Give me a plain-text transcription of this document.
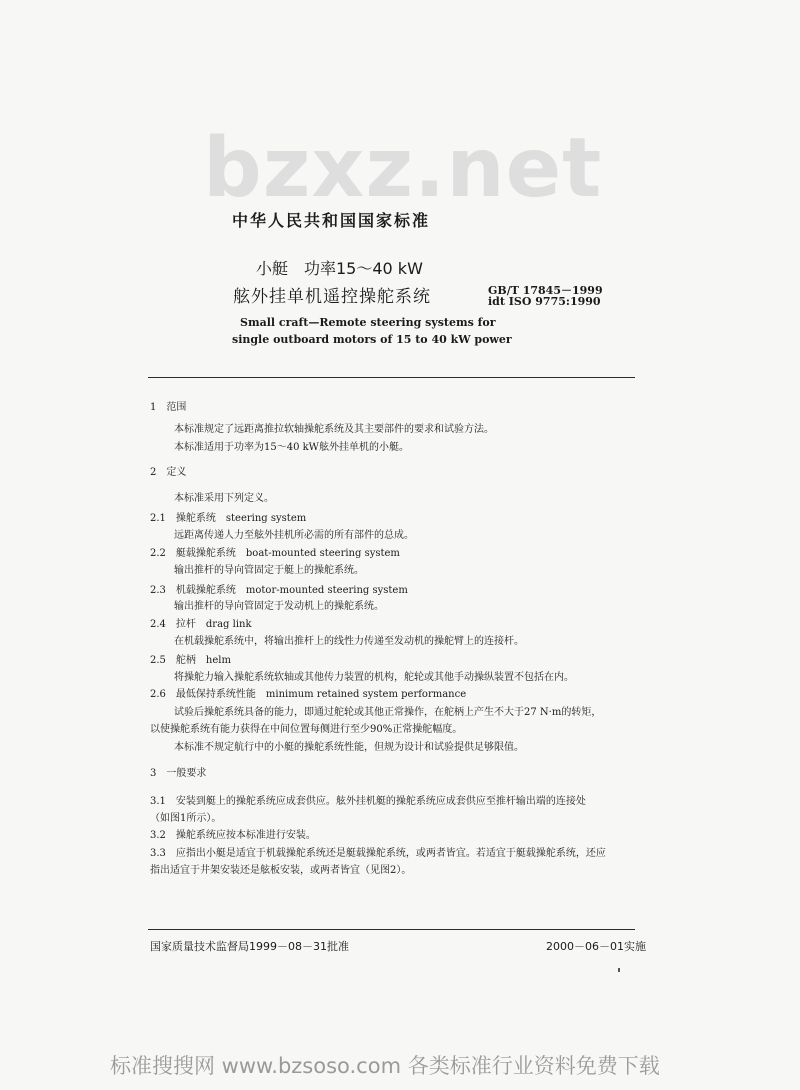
bzxz.net
中华人民共和国国家标准
小艇　功率15～40 kW
舷外挂单机遥控操舵系统	GB/T 17845－1999
idt ISO 9775:1990
Small craft—Remote steering systems for
single outboard motors of 15 to 40 kW power
1　范围
本标准规定了远距离推拉软轴操舵系统及其主要部件的要求和试验方法。
本标准适用于功率为15～40 kW舷外挂单机的小艇。
2　定义
本标准采用下列定义。
2.1　操舵系统　steering system
远距离传递人力至舷外挂机所必需的所有部件的总成。
2.2　艇载操舵系统　boat-mounted steering system
输出推杆的导向管固定于艇上的操舵系统。
2.3　机载操舵系统　motor-mounted steering system
输出推杆的导向管固定于发动机上的操舵系统。
2.4　拉杆　drag link
在机载操舵系统中，将输出推杆上的线性力传递至发动机的操舵臂上的连接杆。
2.5　舵柄　helm
将操舵力输入操舵系统软轴或其他传力装置的机构，舵轮或其他手动操纵装置不包括在内。
2.6　最低保持系统性能　minimum retained system performance
试验后操舵系统具备的能力，即通过舵轮或其他正常操作，在舵柄上产生不大于27 N·m的转矩，
以使操舵系统有能力获得在中间位置每侧进行至少90%正常操舵幅度。
本标准不规定航行中的小艇的操舵系统性能，但规为设计和试验提供足够限值。
3　一般要求
3.1　安装到艇上的操舵系统应成套供应。舷外挂机艇的操舵系统应成套供应至推杆输出端的连接处
（如图1所示）。
3.2　操舵系统应按本标准进行安装。
3.3　应指出小艇是适宜于机载操舵系统还是艇载操舵系统，或两者皆宜。若适宜于艇载操舵系统，还应
指出适宜于井架安装还是舷板安装，或两者皆宜（见图2）。
国家质量技术监督局1999－08－31批准	2000－06－01实施
标准搜搜网 www.bzsoso.com 各类标准行业资料免费下载
